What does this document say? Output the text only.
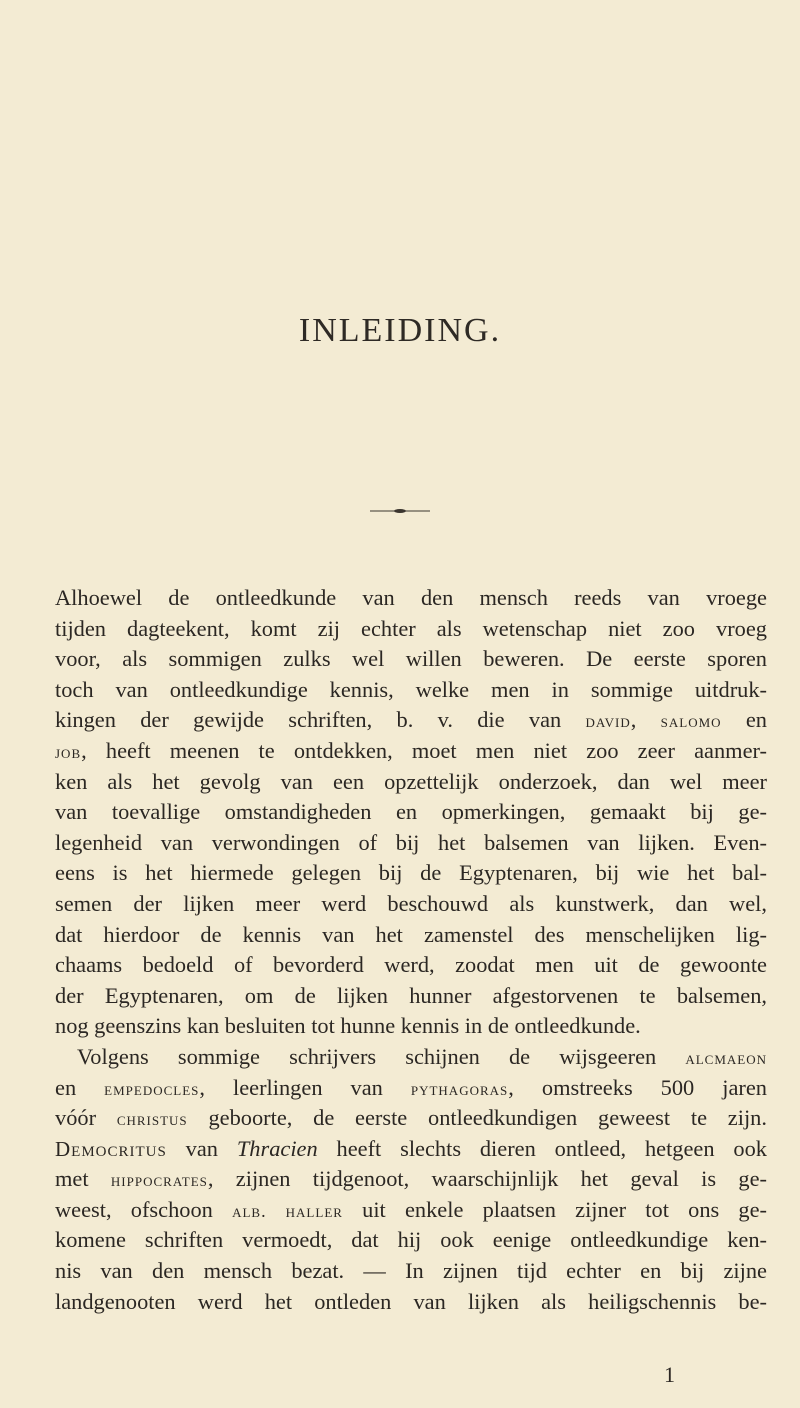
INLEIDING.
Alhoewel de ontleedkunde van den mensch reeds van vroege
tijden dagteekent, komt zij echter als wetenschap niet zoo vroeg
voor, als sommigen zulks wel willen beweren. De eerste sporen
toch van ontleedkundige kennis, welke men in sommige uitdruk-
kingen der gewijde schriften, b. v. die van david, salomo en
job, heeft meenen te ontdekken, moet men niet zoo zeer aanmer-
ken als het gevolg van een opzettelijk onderzoek, dan wel meer
van toevallige omstandigheden en opmerkingen, gemaakt bij ge-
legenheid van verwondingen of bij het balsemen van lijken. Even-
eens is het hiermede gelegen bij de Egyptenaren, bij wie het bal-
semen der lijken meer werd beschouwd als kunstwerk, dan wel,
dat hierdoor de kennis van het zamenstel des menschelijken lig-
chaams bedoeld of bevorderd werd, zoodat men uit de gewoonte
der Egyptenaren, om de lijken hunner afgestorvenen te balsemen,
nog geenszins kan besluiten tot hunne kennis in de ontleedkunde.
Volgens sommige schrijvers schijnen de wijsgeeren alcmaeon
en empedocles, leerlingen van pythagoras, omstreeks 500 jaren
vóór christus geboorte, de eerste ontleedkundigen geweest te zijn.
Democritus van Thracien heeft slechts dieren ontleed, hetgeen ook
met hippocrates, zijnen tijdgenoot, waarschijnlijk het geval is ge-
weest, ofschoon alb. haller uit enkele plaatsen zijner tot ons ge-
komene schriften vermoedt, dat hij ook eenige ontleedkundige ken-
nis van den mensch bezat. — In zijnen tijd echter en bij zijne
landgenooten werd het ontleden van lijken als heiligschennis be-
1
